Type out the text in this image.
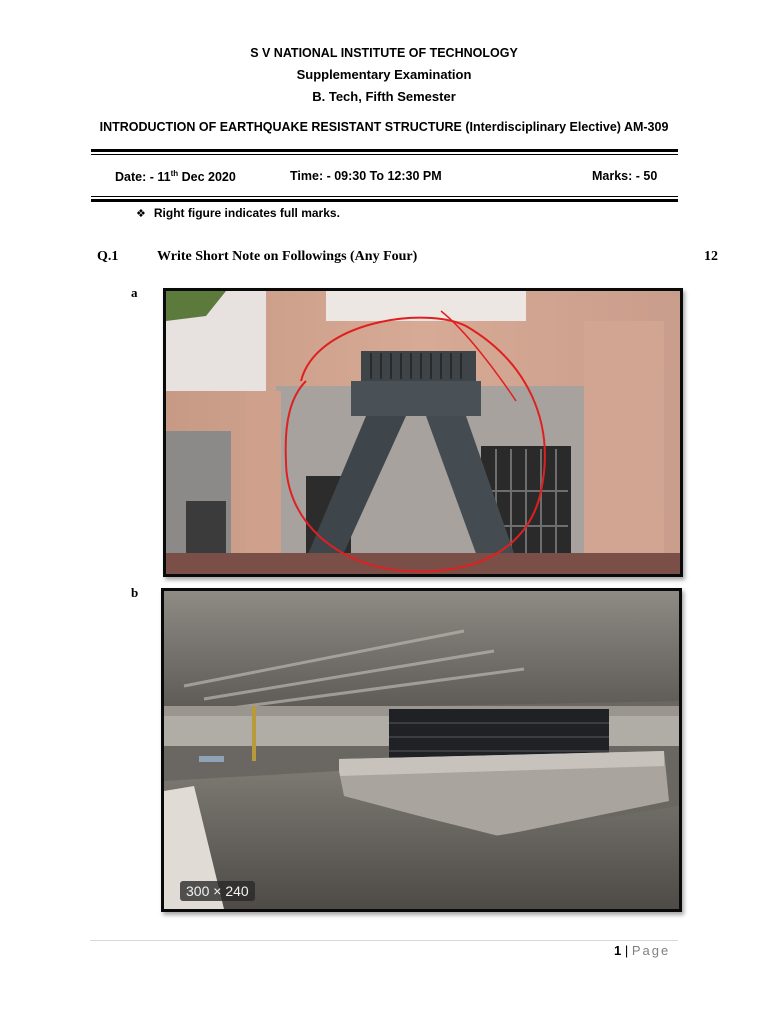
S V NATIONAL INSTITUTE OF TECHNOLOGY
Supplementary Examination
B. Tech, Fifth Semester
INTRODUCTION OF EARTHQUAKE RESISTANT STRUCTURE (Interdisciplinary Elective) AM-309
Date: - 11th Dec 2020	Time: - 09:30 To 12:30 PM	Marks: - 50
❖ Right figure indicates full marks.
Q.1	Write Short Note on Followings (Any Four)	12
a
b
300 × 240
1 | Page
